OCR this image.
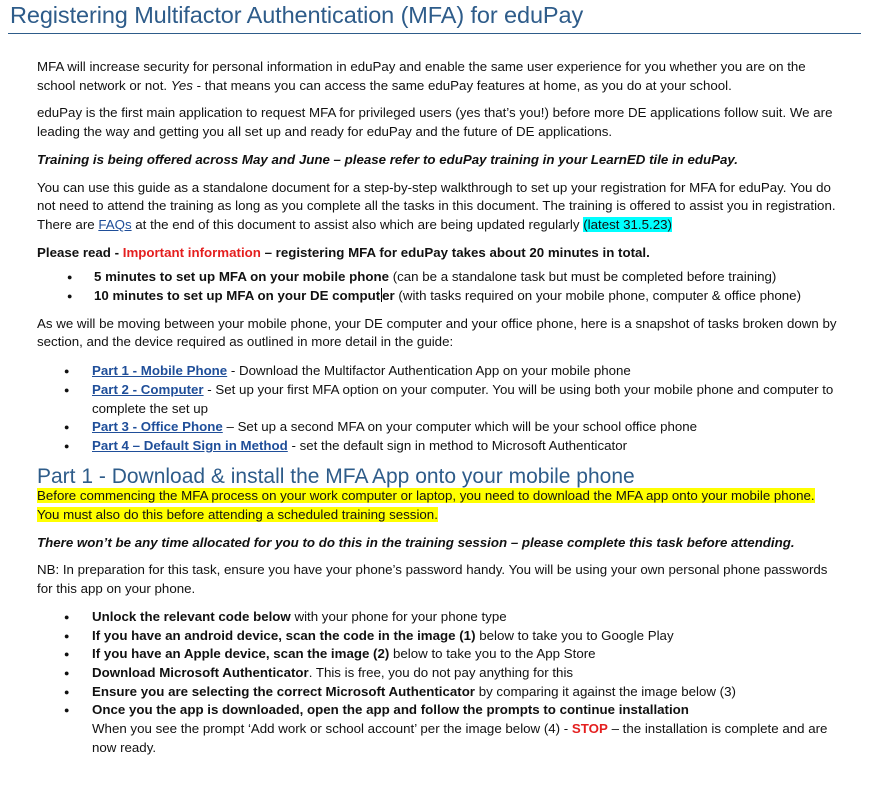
Registering Multifactor Authentication (MFA) for eduPay

MFA will increase security for personal information in eduPay and enable the same user experience for you whether you are on the school network or not. Yes - that means you can access the same eduPay features at home, as you do at your school.

eduPay is the first main application to request MFA for privileged users (yes that’s you!) before more DE applications follow suit. We are leading the way and getting you all set up and ready for eduPay and the future of DE applications.

Training is being offered across May and June – please refer to eduPay training in your LearnED tile in eduPay.

You can use this guide as a standalone document for a step-by-step walkthrough to set up your registration for MFA for eduPay. You do not need to attend the training as long as you complete all the tasks in this document. The training is offered to assist you in registration. There are FAQs at the end of this document to assist also which are being updated regularly (latest 31.5.23)

Please read - Important information – registering MFA for eduPay takes about 20 minutes in total.

● 5 minutes to set up MFA on your mobile phone (can be a standalone task but must be completed before training)
● 10 minutes to set up MFA on your DE comput er (with tasks required on your mobile phone, computer & office phone)

As we will be moving between your mobile phone, your DE computer and your office phone, here is a snapshot of tasks broken down by section, and the device required as outlined in more detail in the guide:

● Part 1 - Mobile Phone - Download the Multifactor Authentication App on your mobile phone
● Part 2 - Computer - Set up your first MFA option on your computer. You will be using both your mobile phone and computer to complete the set up
● Part 3 - Office Phone – Set up a second MFA on your computer which will be your school office phone
● Part 4 – Default Sign in Method - set the default sign in method to Microsoft Authenticator
Part 1 - Download & install the MFA App onto your mobile phone

Before commencing the MFA process on your work computer or laptop, you need to download the MFA app onto your mobile phone. You must also do this before attending a scheduled training session.

There won’t be any time allocated for you to do this in the training session – please complete this task before attending.

NB: In preparation for this task, ensure you have your phone’s password handy. You will be using your own personal phone passwords for this app on your phone.

● Unlock the relevant code below with your phone for your phone type
● If you have an android device, scan the code in the image (1) below to take you to Google Play
● If you have an Apple device, scan the image (2) below to take you to the App Store
● Download Microsoft Authenticator. This is free, you do not pay anything for this
● Ensure you are selecting the correct Microsoft Authenticator by comparing it against the image below (3)
● Once you the app is downloaded, open the app and follow the prompts to continue installation
When you see the prompt ‘Add work or school account’ per the image below (4) - STOP – the installation is complete and are now ready.
